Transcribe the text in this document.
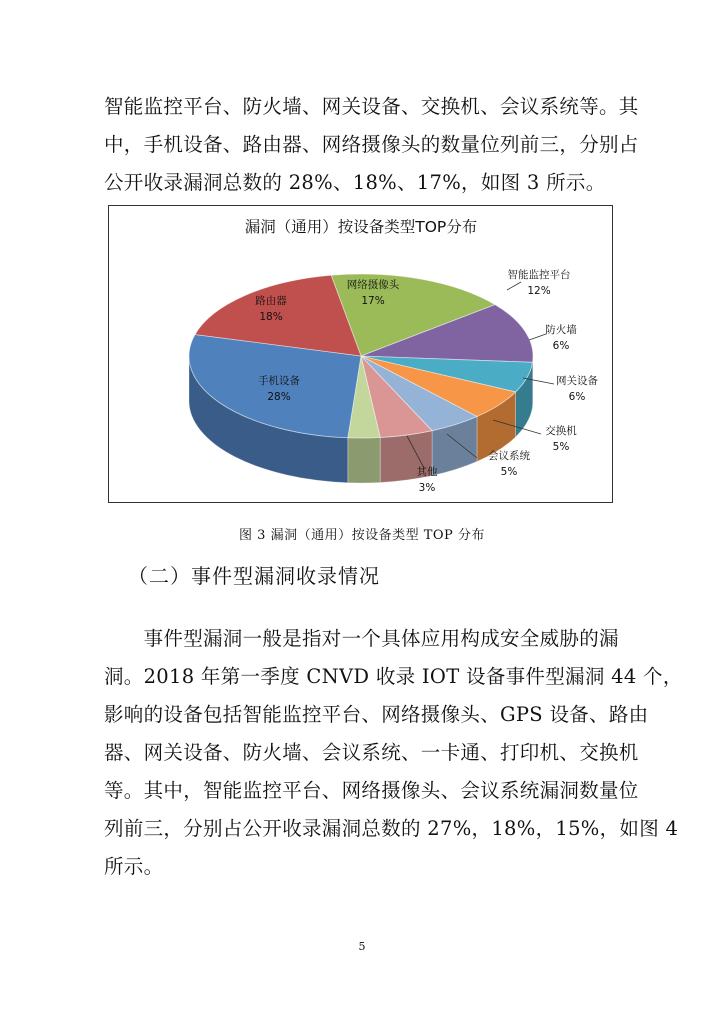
智能监控平台、防火墙、网关设备、交换机、会议系统等。其
中，手机设备、路由器、网络摄像头的数量位列前三，分别占
公开收录漏洞总数的 28%、18%、17%，如图 3 所示。
漏洞（通用）按设备类型TOP分布
网络摄像头
17%
智能监控平台
12%
防火墙
6%
网关设备
6%
交换机
5%
会议系统
5%
其他
3%
手机设备
28%
路由器
18%
图 3 漏洞（通用）按设备类型 TOP 分布
（二）事件型漏洞收录情况
　　事件型漏洞一般是指对一个具体应用构成安全威胁的漏
洞。2018 年第一季度 CNVD 收录 IOT 设备事件型漏洞 44 个，
影响的设备包括智能监控平台、网络摄像头、GPS 设备、路由
器、网关设备、防火墙、会议系统、一卡通、打印机、交换机
等。其中，智能监控平台、网络摄像头、会议系统漏洞数量位
列前三，分别占公开收录漏洞总数的 27%，18%，15%，如图 4
所示。
5
